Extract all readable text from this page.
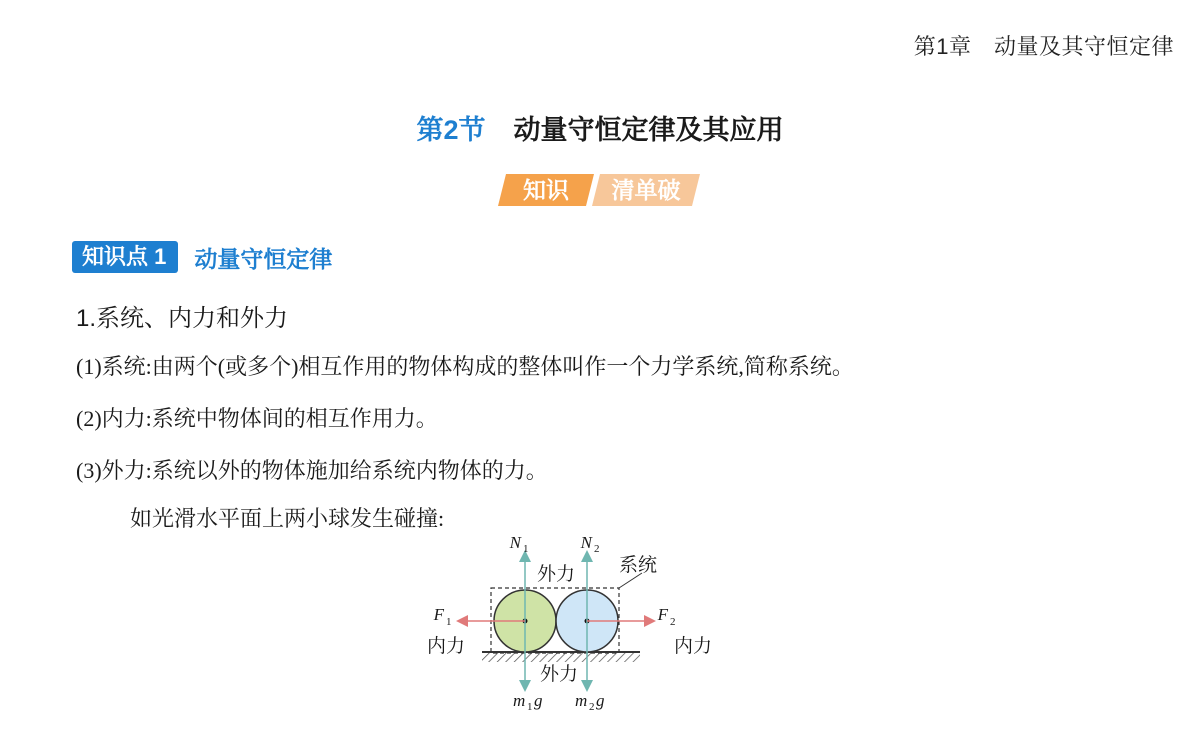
第1章　动量及其守恒定律
第2节 动量守恒定律及其应用
知识 清单破
知识点 1	动量守恒定律
1.系统、内力和外力
(1)系统:由两个(或多个)相互作用的物体构成的整体叫作一个力学系统,简称系统。
(2)内力:系统中物体间的相互作用力。
(3)外力:系统以外的物体施加给系统内物体的力。
如光滑水平面上两小球发生碰撞:
N 1	N 2
外力 系统
F 1
内力
F 2
内力
外力
m 1 g m 2 g
